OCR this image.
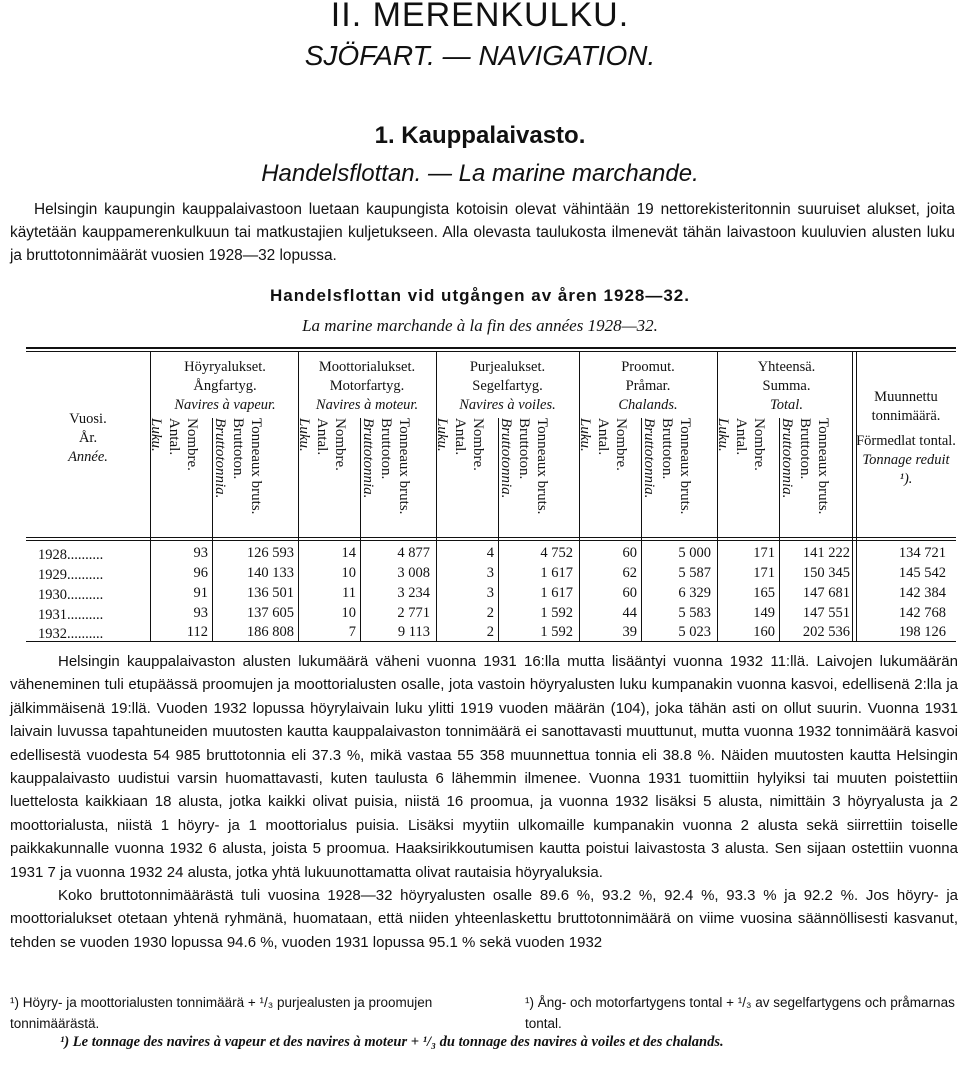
II. MERENKULKU.
SJÖFART. — NAVIGATION.
1. Kauppalaivasto.
Handelsflottan. — La marine marchande.

Helsingin kaupungin kauppalaivastoon luetaan kaupungista kotoisin olevat vähintään 19 nettorekisteritonnin suuruiset alukset, joita käytetään kauppamerenkulkuun tai matkustajien kuljetukseen. Alla olevasta taulukosta ilmenevät tähän laivastoon kuuluvien alusten luku ja bruttotonnimäärät vuosien 1928—32 lopussa.

Handelsflottan vid utgången av åren 1928—32.
La marine marchande à la fin des années 1928—32.
Vuosi.
År.
Année.
Höyryalukset.
Ångfartyg.
Navires à vapeur.
Nombre.
Antal.
Luku.	Tonneaux bruts.
Bruttoton.
Bruttotonnia.
Moottorialukset.
Motorfartyg.
Navires à moteur.
Nombre.
Antal.
Luku.	Tonneaux bruts.
Bruttoton.
Bruttotonnia.
Purjealukset.
Segelfartyg.
Navires à voiles.
Nombre.
Antal.
Luku.	Tonneaux bruts.
Bruttoton.
Bruttotonnia.
Proomut.
Pråmar.
Chalands.
Nombre.
Antal.
Luku.	Tonneaux bruts.
Bruttoton.
Bruttotonnia.
Yhteensä.
Summa.
Total.
Nombre.
Antal.
Luku.	Tonneaux bruts.
Bruttoton.
Bruttotonnia.
Muunnettu tonnimäärä.
Förmedlat tontal.
Tonnage reduit ¹).
1928..........	93	126 593	14	4 877	4	4 752	60	5 000	171	141 222	134 721
1929..........	96	140 133	10	3 008	3	1 617	62	5 587	171	150 345	145 542
1930..........	91	136 501	11	3 234	3	1 617	60	6 329	165	147 681	142 384
1931..........	93	137 605	10	2 771	2	1 592	44	5 583	149	147 551	142 768
1932..........	112	186 808	7	9 113	2	1 592	39	5 023	160	202 536	198 126

Helsingin kauppalaivaston alusten lukumäärä väheni vuonna 1931 16:lla mutta lisääntyi vuonna 1932 11:llä. Laivojen lukumäärän väheneminen tuli etupäässä proomujen ja moottorialusten osalle, jota vastoin höyryalusten luku kumpanakin vuonna kasvoi, edellisenä 2:lla ja jälkimmäisenä 19:llä. Vuoden 1932 lopussa höyrylaivain luku ylitti 1919 vuoden määrän (104), joka tähän asti on ollut suurin. Vuonna 1931 laivain luvussa tapahtuneiden muutosten kautta kauppalaivaston tonnimäärä ei sanottavasti muuttunut, mutta vuonna 1932 tonnimäärä kasvoi edellisestä vuodesta 54 985 bruttotonnia eli 37.3 %, mikä vastaa 55 358 muunnettua tonnia eli 38.8 %. Näiden muutosten kautta Helsingin kauppalaivasto uudistui varsin huomattavasti, kuten taulusta 6 lähemmin ilmenee. Vuonna 1931 tuomittiin hylyiksi tai muuten poistettiin luettelosta kaikkiaan 18 alusta, jotka kaikki olivat puisia, niistä 16 proomua, ja vuonna 1932 lisäksi 5 alusta, nimittäin 3 höyryalusta ja 2 moottorialusta, niistä 1 höyry- ja 1 moottorialus puisia. Lisäksi myytiin ulkomaille kumpanakin vuonna 2 alusta sekä siirrettiin toiselle paikkakunnalle vuonna 1932 6 alusta, joista 5 proomua. Haaksirikkoutumisen kautta poistui laivastosta 3 alusta. Sen sijaan ostettiin vuonna 1931 7 ja vuonna 1932 24 alusta, jotka yhtä lukuunottamatta olivat rautaisia höyryaluksia.

Koko bruttotonnimäärästä tuli vuosina 1928—32 höyryalusten osalle 89.6 %, 93.2 %, 92.4 %, 93.3 % ja 92.2 %. Jos höyry- ja moottorialukset otetaan yhtenä ryhmänä, huomataan, että niiden yhteenlaskettu bruttotonnimäärä on viime vuosina säännöllisesti kasvanut, tehden se vuoden 1930 lopussa 94.6 %, vuoden 1931 lopussa 95.1 % sekä vuoden 1932

¹) Höyry- ja moottorialusten tonnimäärä + ¹/₃ purjealusten ja proomujen tonnimäärästä.
¹) Ång- och motorfartygens tontal + ¹/₃ av segelfartygens och pråmarnas tontal.
¹) Le tonnage des navires à vapeur et des navires à moteur + ¹/₃ du tonnage des navires à voiles et des chalands.
